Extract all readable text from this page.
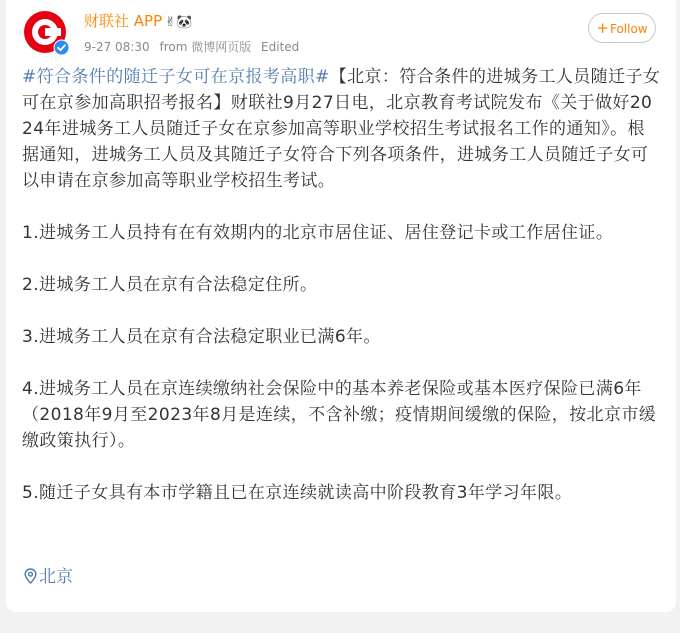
财联社 APP ✌🐼
9-27 08:30 from 微博网页版 Edited
+Follow
#符合条件的随迁子女可在京报考高职#【北京：符合条件的进城务工人员随迁子女可在京参加高职招考报名】财联社9月27日电，北京教育考试院发布《关于做好2024年进城务工人员随迁子女在京参加高等职业学校招生考试报名工作的通知》。根据通知，进城务工人员及其随迁子女符合下列各项条件，进城务工人员随迁子女可以申请在京参加高等职业学校招生考试。

1.进城务工人员持有在有效期内的北京市居住证、居住登记卡或工作居住证。

2.进城务工人员在京有合法稳定住所。

3.进城务工人员在京有合法稳定职业已满6年。

4.进城务工人员在京连续缴纳社会保险中的基本养老保险或基本医疗保险已满6年（2018年9月至2023年8月是连续，不含补缴；疫情期间缓缴的保险，按北京市缓缴政策执行）。

5.随迁子女具有本市学籍且已在京连续就读高中阶段教育3年学习年限。
北京
